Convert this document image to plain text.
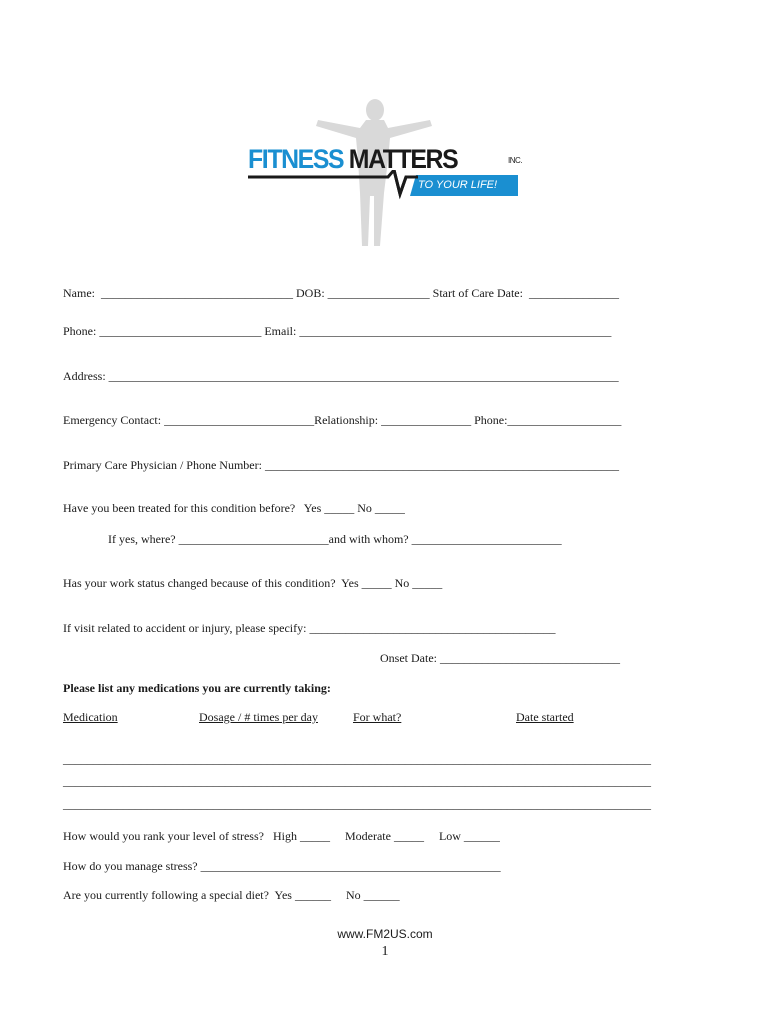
FITNESS MATTERS	INC.
TO YOUR LIFE!
Name:  ________________________________ DOB: _________________ Start of Care Date:  _______________
Phone: ___________________________ Email: ____________________________________________________
Address: _____________________________________________________________________________________
Emergency Contact: _________________________Relationship: _______________ Phone:___________________
Primary Care Physician / Phone Number: ___________________________________________________________
Have you been treated for this condition before?   Yes _____ No _____
If yes, where? _________________________and with whom? _________________________
Has your work status changed because of this condition?  Yes _____ No _____
If visit related to accident or injury, please specify: _________________________________________
Onset Date: ______________________________
Please list any medications you are currently taking:
Medication	Dosage / # times per day	For what?	Date started
__________________________________________________________________________________________________
__________________________________________________________________________________________________
__________________________________________________________________________________________________
How would you rank your level of stress?   High _____     Moderate _____     Low ______
How do you manage stress? __________________________________________________
Are you currently following a special diet?  Yes ______     No ______
www.FM2US.com
1
